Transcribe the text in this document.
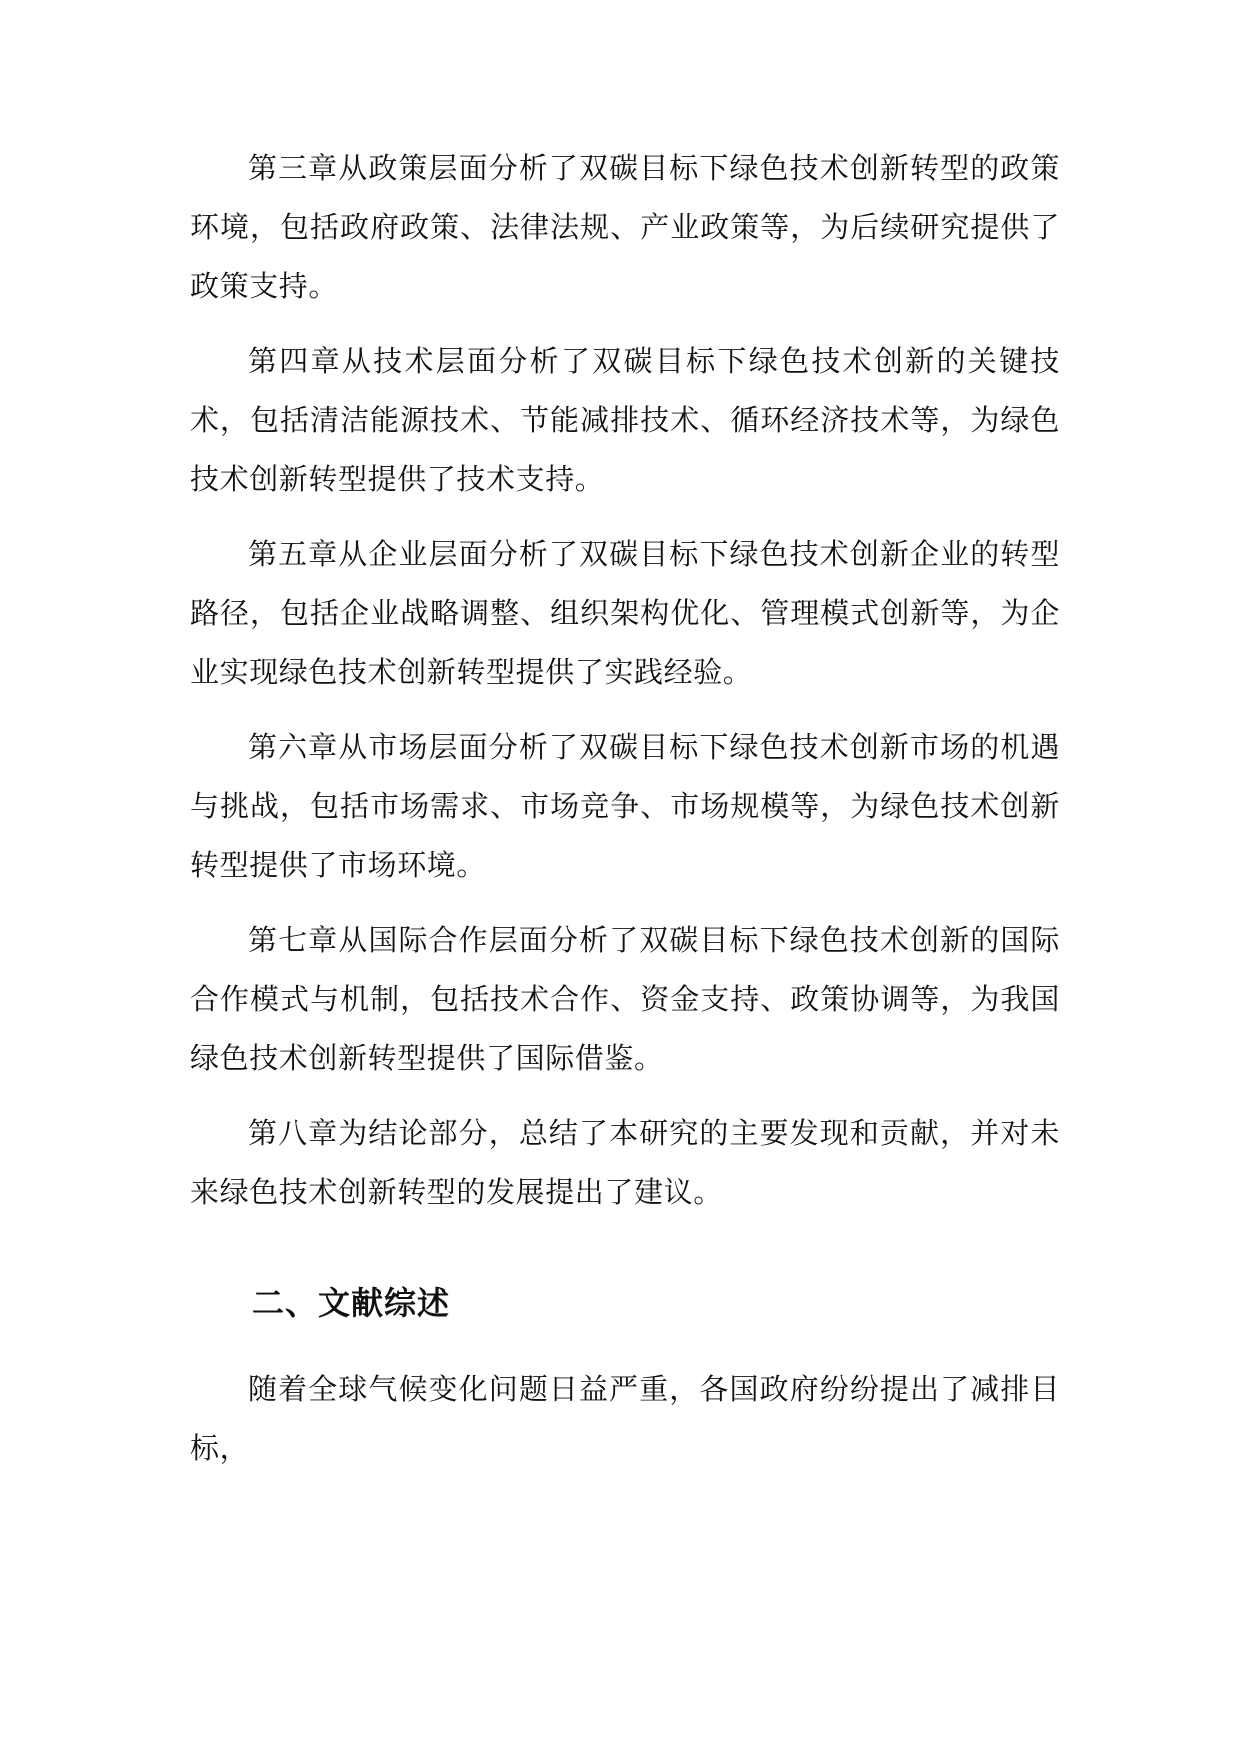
第三章从政策层面分析了双碳目标下绿色技术创新转型的政策环境，包括政府政策、法律法规、产业政策等，为后续研究提供了政策支持。

第四章从技术层面分析了双碳目标下绿色技术创新的关键技术，包括清洁能源技术、节能减排技术、循环经济技术等，为绿色技术创新转型提供了技术支持。

第五章从企业层面分析了双碳目标下绿色技术创新企业的转型路径，包括企业战略调整、组织架构优化、管理模式创新等，为企业实现绿色技术创新转型提供了实践经验。

第六章从市场层面分析了双碳目标下绿色技术创新市场的机遇与挑战，包括市场需求、市场竞争、市场规模等，为绿色技术创新转型提供了市场环境。

第七章从国际合作层面分析了双碳目标下绿色技术创新的国际合作模式与机制，包括技术合作、资金支持、政策协调等，为我国绿色技术创新转型提供了国际借鉴。

第八章为结论部分，总结了本研究的主要发现和贡献，并对未来绿色技术创新转型的发展提出了建议。

二、文献综述

随着全球气候变化问题日益严重，各国政府纷纷提出了减排目标，
